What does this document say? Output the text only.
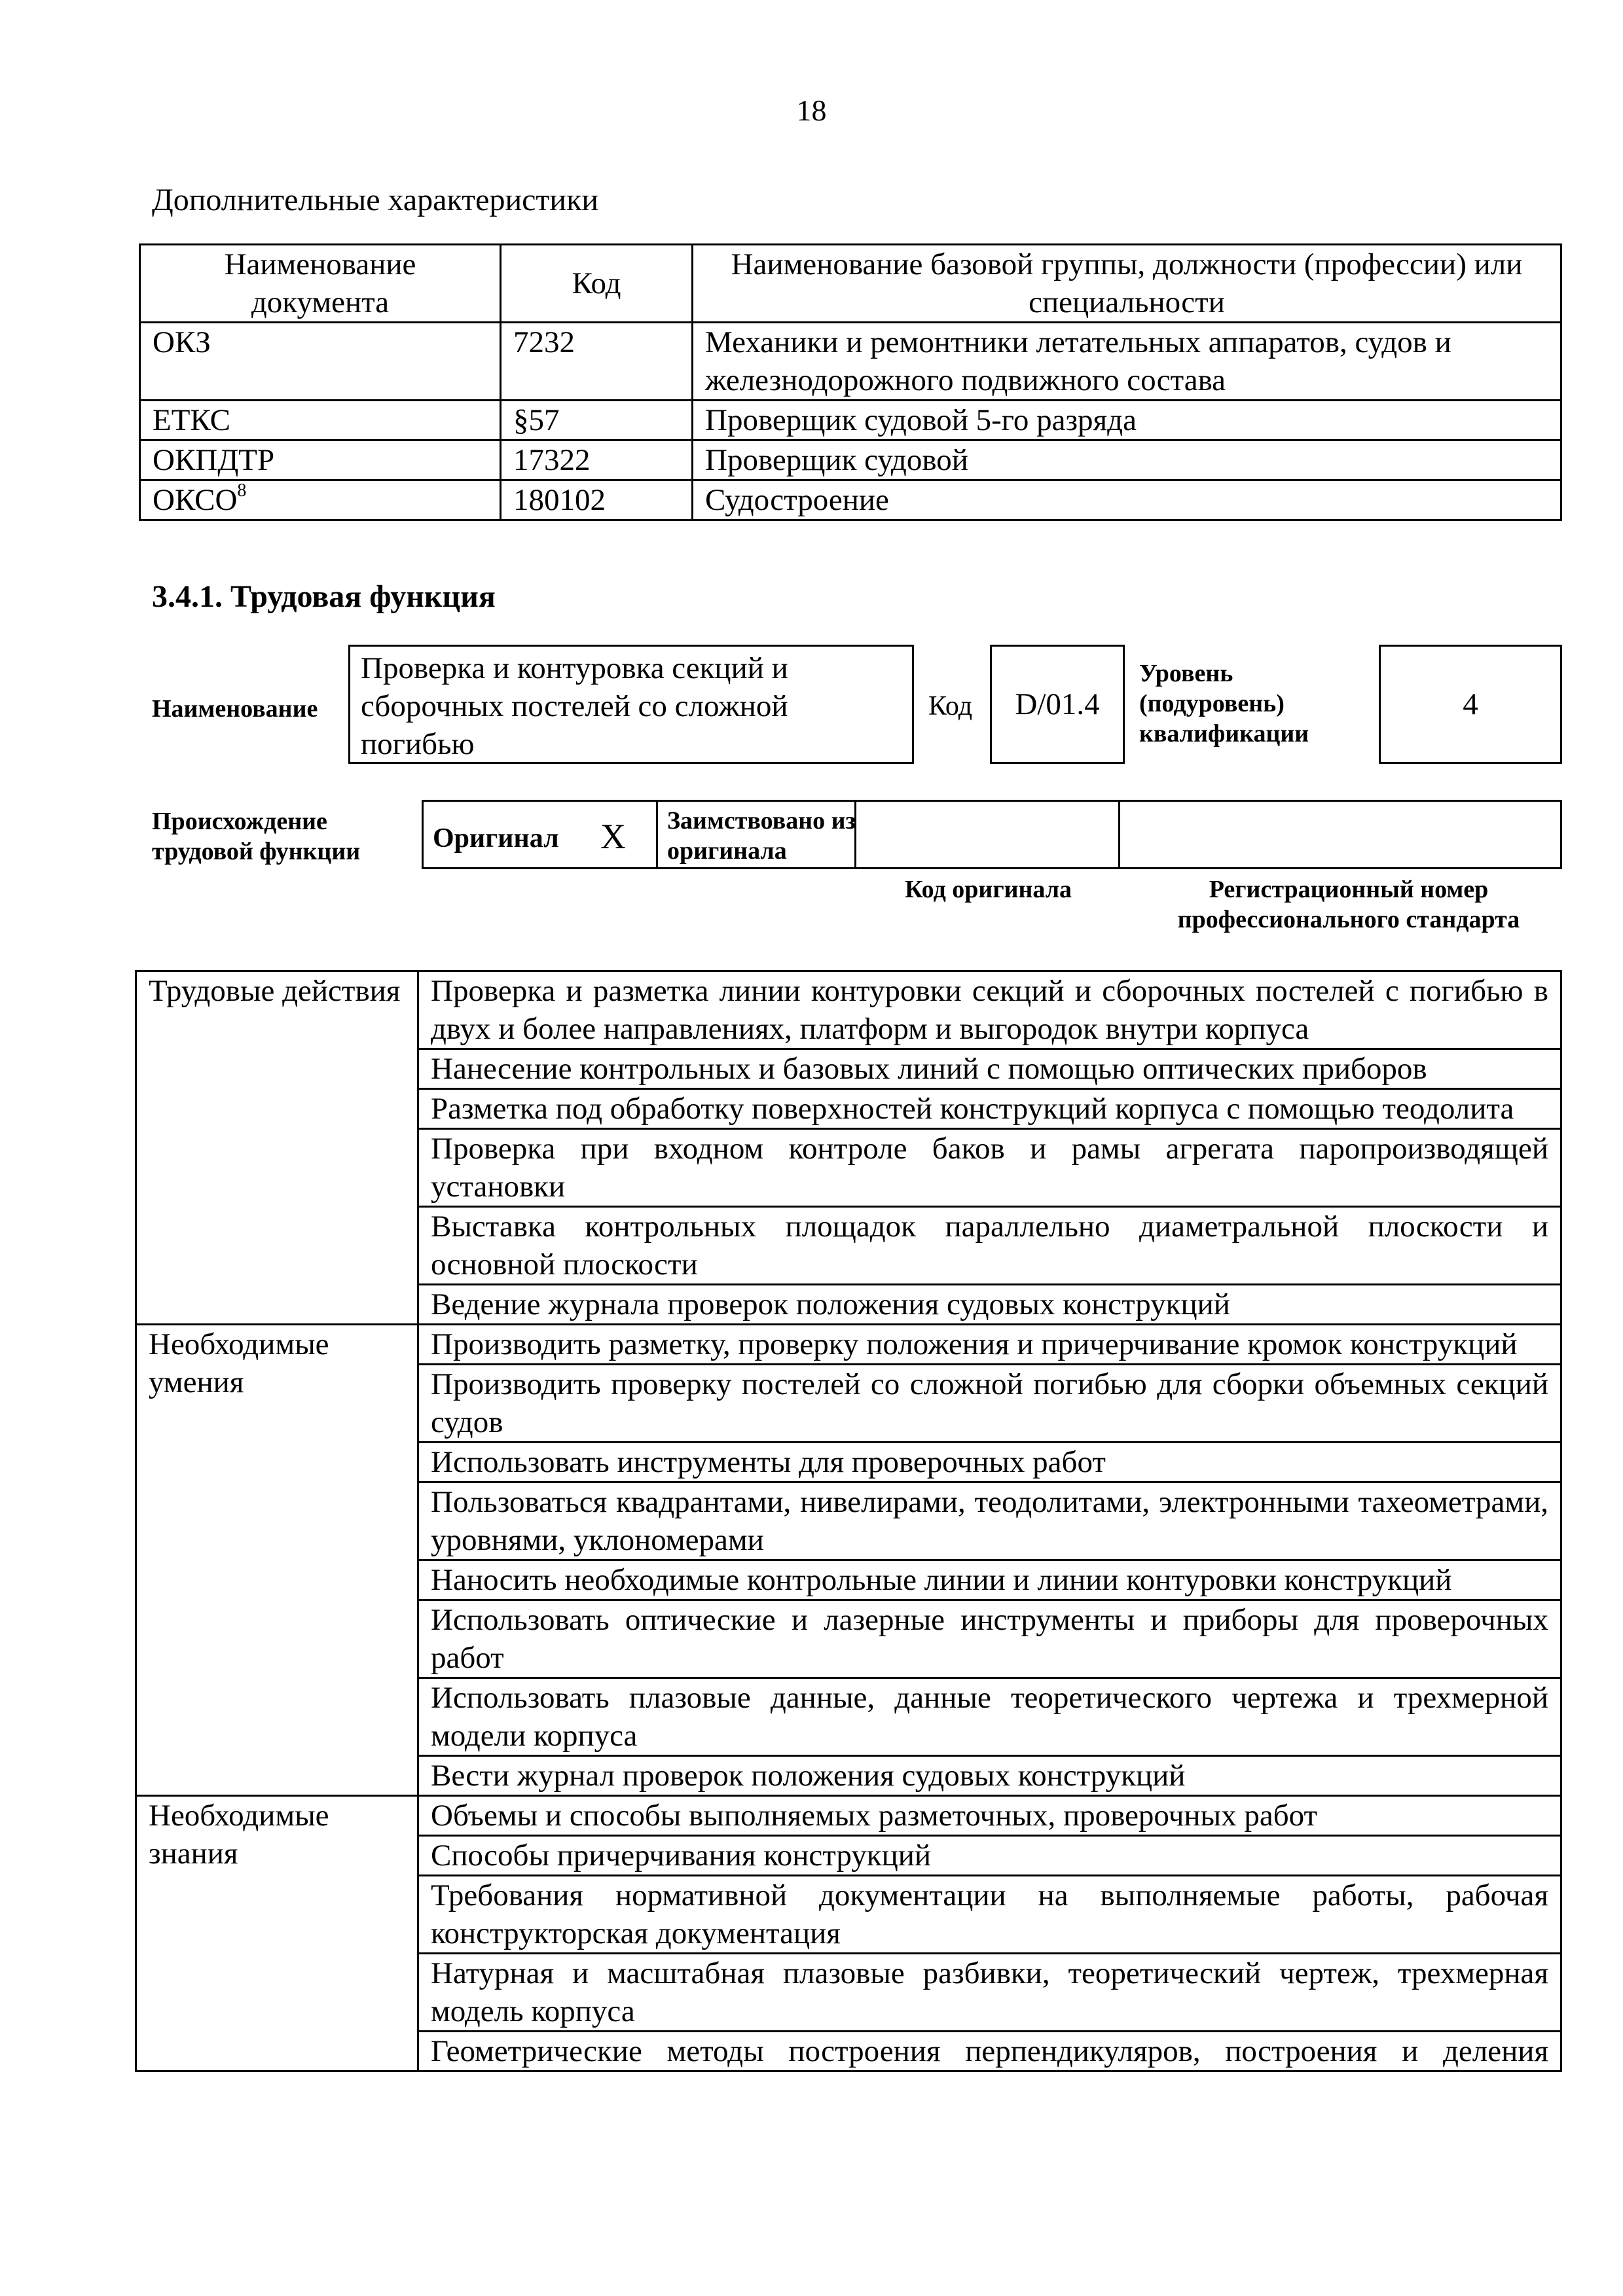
18
Дополнительные характеристики
Наименование документа	Код	Наименование базовой группы, должности (профессии) или специальности
ОКЗ	7232	Механики и ремонтники летательных аппаратов, судов и железнодорожного подвижного состава
ЕТКС	§57	Проверщик судовой 5-го разряда
ОКПДТР	17322	Проверщик судовой
ОКСО$^8$	180102	Судостроение
3.4.1. Трудовая функция
Наименование
Проверка и контуровка секций и сборочных постелей со сложной погибью
Код	D/01.4
Уровень (подуровень) квалификации
4
Происхождение трудовой функции	Оригинал X Заимствовано из оригинала
Код оригинала	Регистрационный номер профессионального стандарта
Трудовые действия	Проверка и разметка линии контуровки секций и сборочных постелей с погибью в двух и более направлениях, платформ и выгородок внутри корпуса
	Нанесение контрольных и базовых линий с помощью оптических приборов
	Разметка под обработку поверхностей конструкций корпуса с помощью теодолита
	Проверка при входном контроле баков и рамы агрегата паропроизводящей установки
	Выставка контрольных площадок параллельно диаметральной плоскости и основной плоскости
	Ведение журнала проверок положения судовых конструкций
Необходимые умения	Производить разметку, проверку положения и причерчивание кромок конструкций
	Производить проверку постелей со сложной погибью для сборки объемных секций судов
	Использовать инструменты для проверочных работ
	Пользоваться квадрантами, нивелирами, теодолитами, электронными тахеометрами, уровнями, уклономерами
	Наносить необходимые контрольные линии и линии контуровки конструкций
	Использовать оптические и лазерные инструменты и приборы для проверочных работ
	Использовать плазовые данные, данные теоретического чертежа и трехмерной модели корпуса
	Вести журнал проверок положения судовых конструкций
Необходимые знания	Объемы и способы выполняемых разметочных, проверочных работ
	Способы причерчивания конструкций
	Требования нормативной документации на выполняемые работы, рабочая конструкторская документация
	Натурная и масштабная плазовые разбивки, теоретический чертеж, трехмерная модель корпуса
	Геометрические методы построения перпендикуляров, построения и деления
